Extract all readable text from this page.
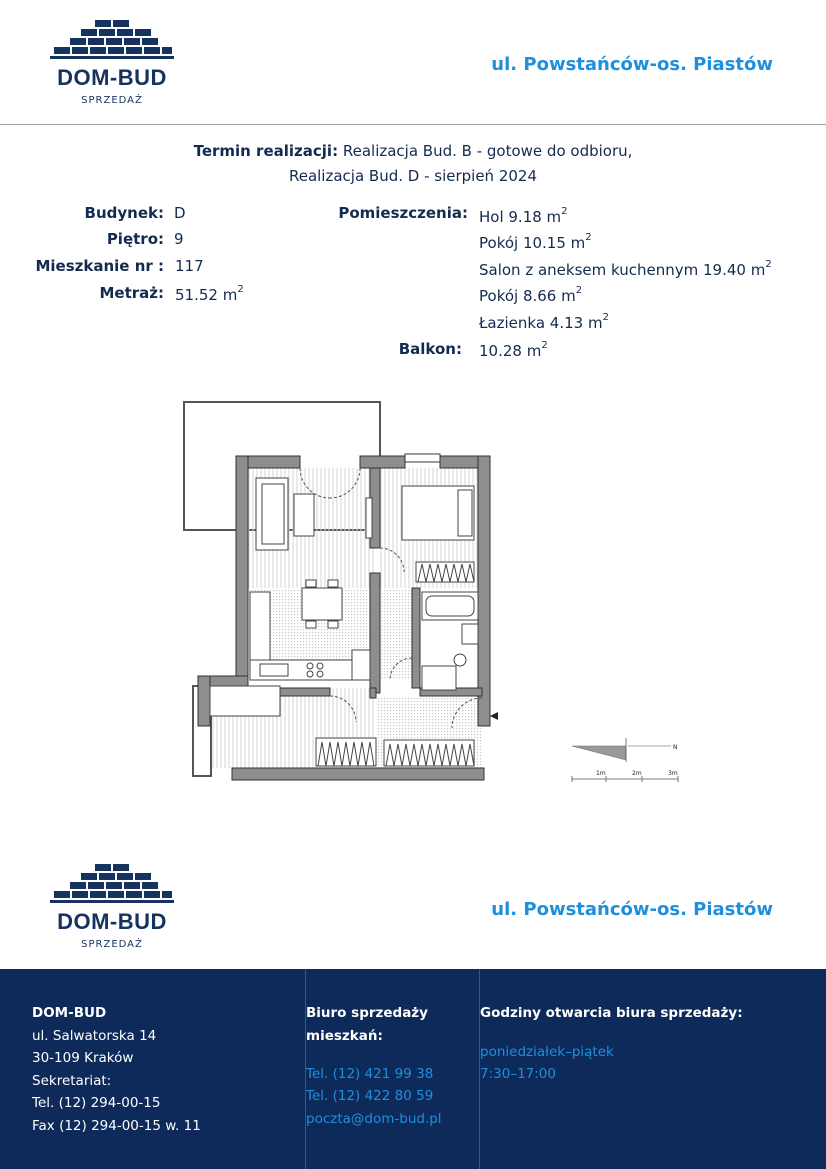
DOM-BUD
SPRZEDAŻ
ul. Powstańców-os. Piastów
Termin realizacji: Realizacja Bud. B - gotowe do odbioru,
Realizacja Bud. D - sierpień 2024
Budynek: D
Piętro: 9
Mieszkanie nr : 117
Metraż: 51.52 $m^2$
Pomieszczenia: Hol 9.18 $m^2$
Pokój 10.15 $m^2$
Salon z aneksem kuchennym 19.40 $m^2$
Pokój 8.66 $m^2$
Łazienka 4.13 $m^2$
Balkon: 10.28 $m^2$
N
1m	2m	3m
DOM-BUD
SPRZEDAŻ
ul. Powstańców-os. Piastów
DOM-BUD
ul. Salwatorska 14
30-109 Kraków
Sekretariat:
Tel. (12) 294-00-15
Fax (12) 294-00-15 w. 11
Biuro sprzedaży
mieszkań:
Tel. (12) 421 99 38
Tel. (12) 422 80 59
poczta@dom-bud.pl
Godziny otwarcia biura sprzedaży:
poniedziałek–piątek
7:30–17:00
